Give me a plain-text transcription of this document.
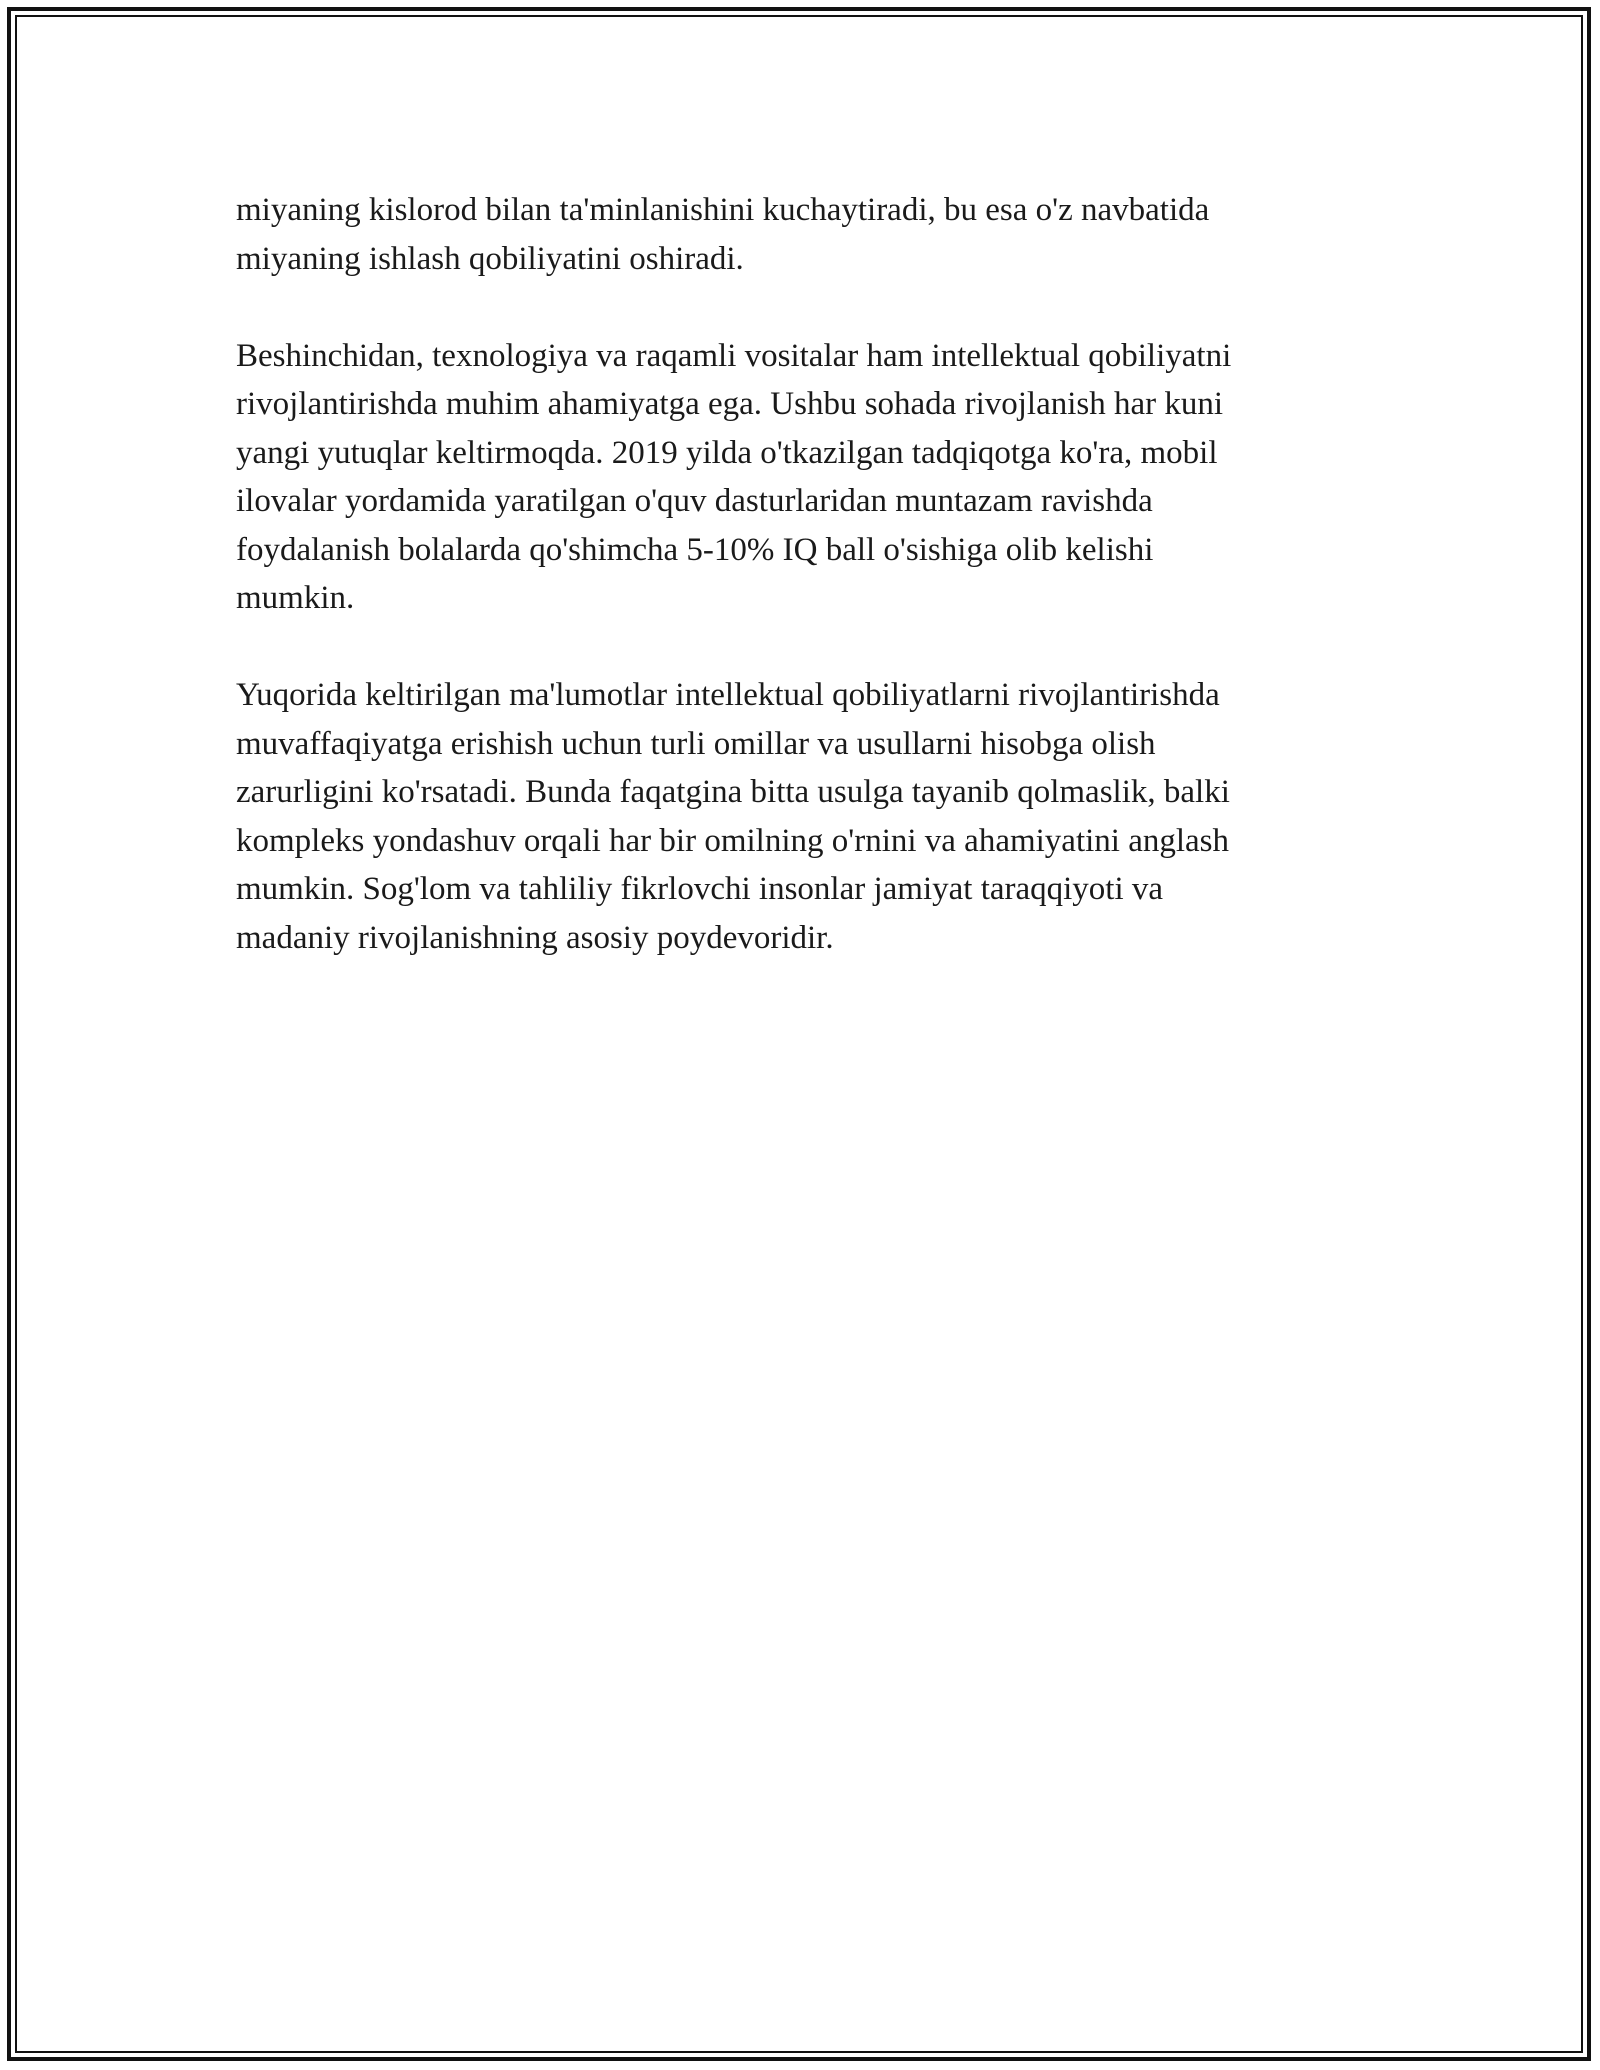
miyaning kislorod bilan ta'minlanishini kuchaytiradi, bu esa o'z navbatida
miyaning ishlash qobiliyatini oshiradi.

Beshinchidan, texnologiya va raqamli vositalar ham intellektual qobiliyatni
rivojlantirishda muhim ahamiyatga ega. Ushbu sohada rivojlanish har kuni
yangi yutuqlar keltirmoqda. 2019 yilda o'tkazilgan tadqiqotga ko'ra, mobil
ilovalar yordamida yaratilgan o'quv dasturlaridan muntazam ravishda
foydalanish bolalarda qo'shimcha 5-10% IQ ball o'sishiga olib kelishi
mumkin.

Yuqorida keltirilgan ma'lumotlar intellektual qobiliyatlarni rivojlantirishda
muvaffaqiyatga erishish uchun turli omillar va usullarni hisobga olish
zarurligini ko'rsatadi. Bunda faqatgina bitta usulga tayanib qolmaslik, balki
kompleks yondashuv orqali har bir omilning o'rnini va ahamiyatini anglash
mumkin. Sog'lom va tahliliy fikrlovchi insonlar jamiyat taraqqiyoti va
madaniy rivojlanishning asosiy poydevoridir.
